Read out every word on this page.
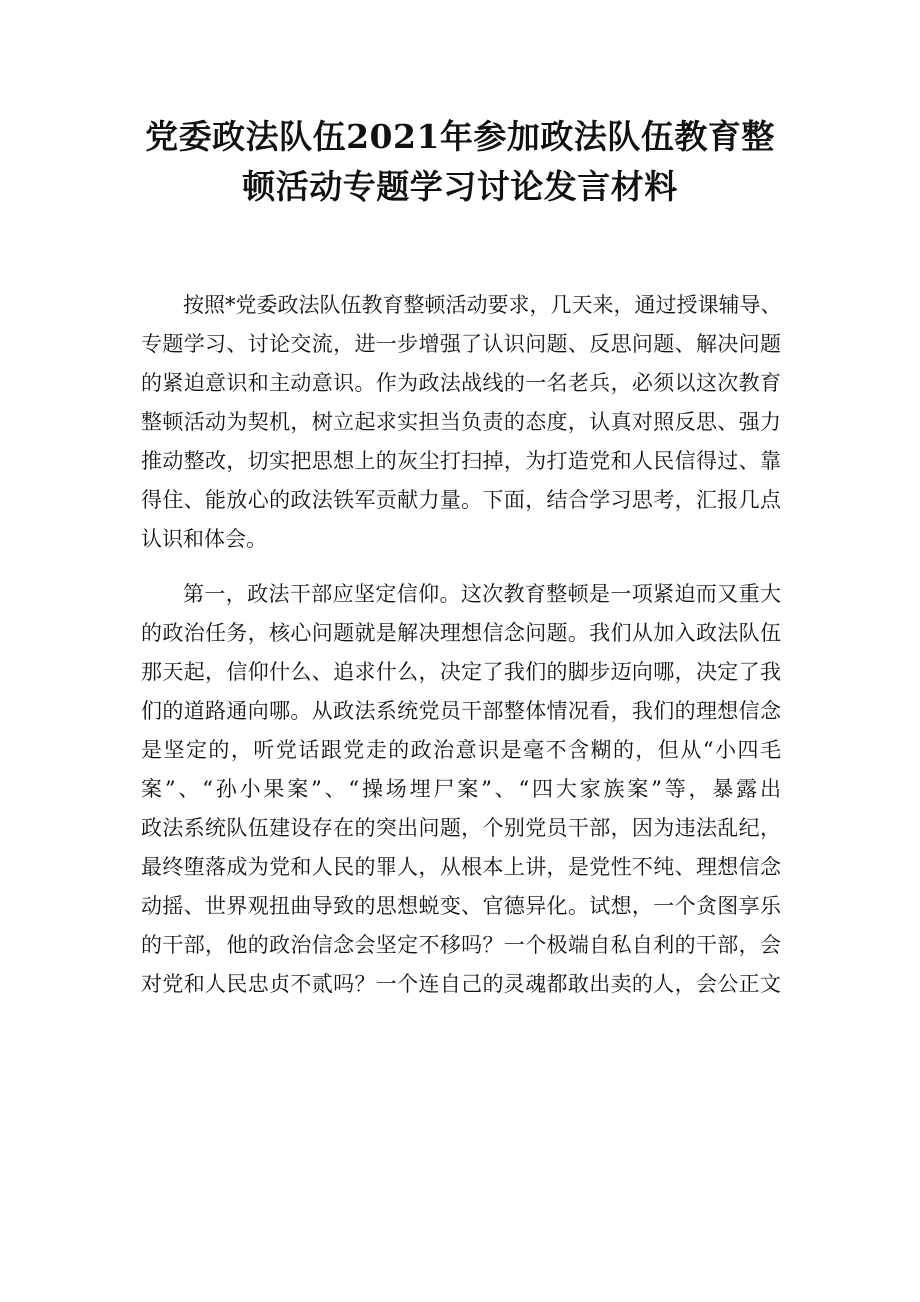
党委政法队伍2021年参加政法队伍教育整
顿活动专题学习讨论发言材料

按照*党委政法队伍教育整顿活动要求，几天来，通过授课辅导、
专题学习、讨论交流，进一步增强了认识问题、反思问题、解决问题
的紧迫意识和主动意识。作为政法战线的一名老兵，必须以这次教育
整顿活动为契机，树立起求实担当负责的态度，认真对照反思、强力
推动整改，切实把思想上的灰尘打扫掉，为打造党和人民信得过、靠
得住、能放心的政法铁军贡献力量。下面，结合学习思考，汇报几点
认识和体会。

第一，政法干部应坚定信仰。这次教育整顿是一项紧迫而又重大
的政治任务，核心问题就是解决理想信念问题。我们从加入政法队伍
那天起，信仰什么、追求什么，决定了我们的脚步迈向哪，决定了我
们的道路通向哪。从政法系统党员干部整体情况看，我们的理想信念
是坚定的，听党话跟党走的政治意识是毫不含糊的，但从“小四毛
案”、“孙小果案”、“操场埋尸案”、“四大家族案”等，暴露出
政法系统队伍建设存在的突出问题，个别党员干部，因为违法乱纪，
最终堕落成为党和人民的罪人，从根本上讲，是党性不纯、理想信念
动摇、世界观扭曲导致的思想蜕变、官德异化。试想，一个贪图享乐
的干部，他的政治信念会坚定不移吗？一个极端自私自利的干部，会
对党和人民忠贞不贰吗？一个连自己的灵魂都敢出卖的人，会公正文
